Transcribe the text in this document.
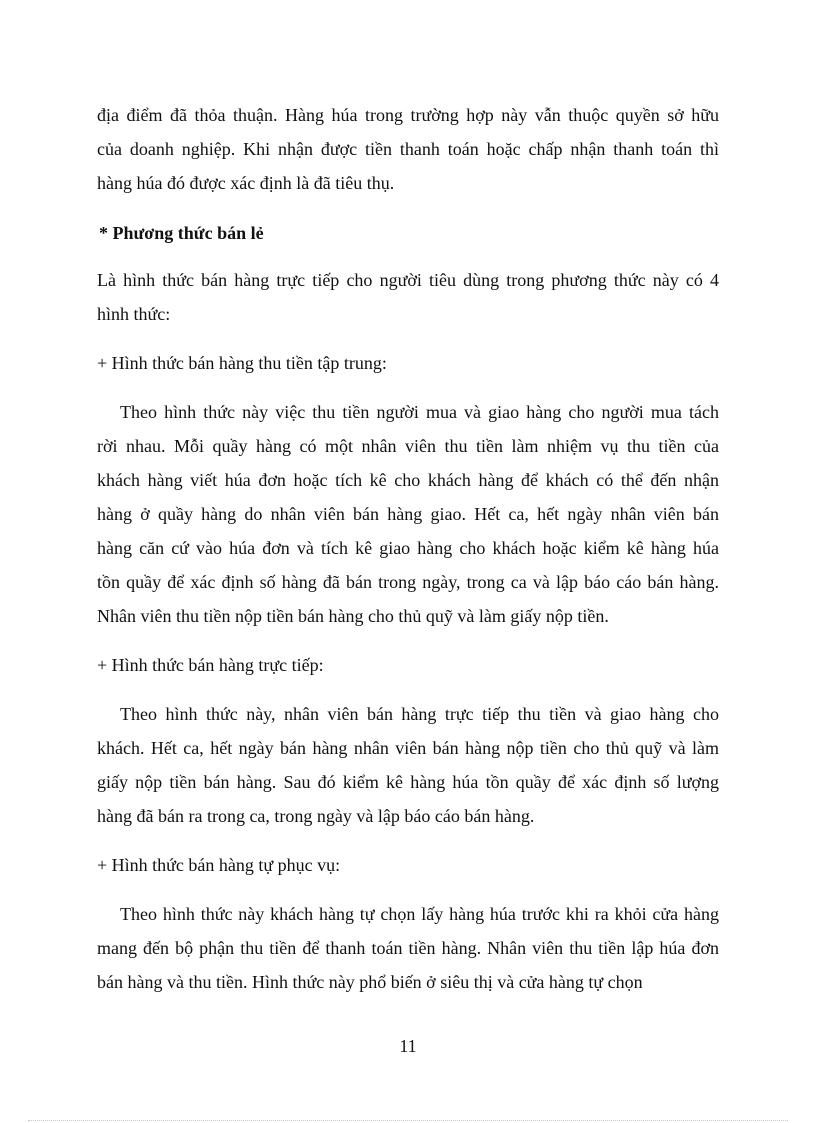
địa điểm đã thỏa thuận. Hàng húa trong trường hợp này vẫn thuộc quyền sở hữu
của doanh nghiệp. Khi nhận được tiền thanh toán hoặc chấp nhận thanh toán thì
hàng húa đó được xác định là đã tiêu thụ.
* Phương thức bán lẻ
Là hình thức bán hàng trực tiếp cho người tiêu dùng trong phương thức này có 4
hình thức:
+ Hình thức bán hàng thu tiền tập trung:
Theo hình thức này việc thu tiền người mua và giao hàng cho người mua tách
rời nhau. Mỗi quầy hàng có một nhân viên thu tiền làm nhiệm vụ thu tiền của
khách hàng viết húa đơn hoặc tích kê cho khách hàng để khách có thể đến nhận
hàng ở quầy hàng do nhân viên bán hàng giao. Hết ca, hết ngày nhân viên bán
hàng căn cứ vào húa đơn và tích kê giao hàng cho khách hoặc kiểm kê hàng húa
tồn quầy để xác định số hàng đã bán trong ngày, trong ca và lập báo cáo bán hàng.
Nhân viên thu tiền nộp tiền bán hàng cho thủ quỹ và làm giấy nộp tiền.
+ Hình thức bán hàng trực tiếp:
Theo hình thức này, nhân viên bán hàng trực tiếp thu tiền và giao hàng cho
khách. Hết ca, hết ngày bán hàng nhân viên bán hàng nộp tiền cho thủ quỹ và làm
giấy nộp tiền bán hàng. Sau đó kiểm kê hàng húa tồn quầy để xác định số lượng
hàng đã bán ra trong ca, trong ngày và lập báo cáo bán hàng.
+ Hình thức bán hàng tự phục vụ:
Theo hình thức này khách hàng tự chọn lấy hàng húa trước khi ra khỏi cửa hàng
mang đến bộ phận thu tiền để thanh toán tiền hàng. Nhân viên thu tiền lập húa đơn
bán hàng và thu tiền. Hình thức này phổ biến ở siêu thị và cửa hàng tự chọn
11
